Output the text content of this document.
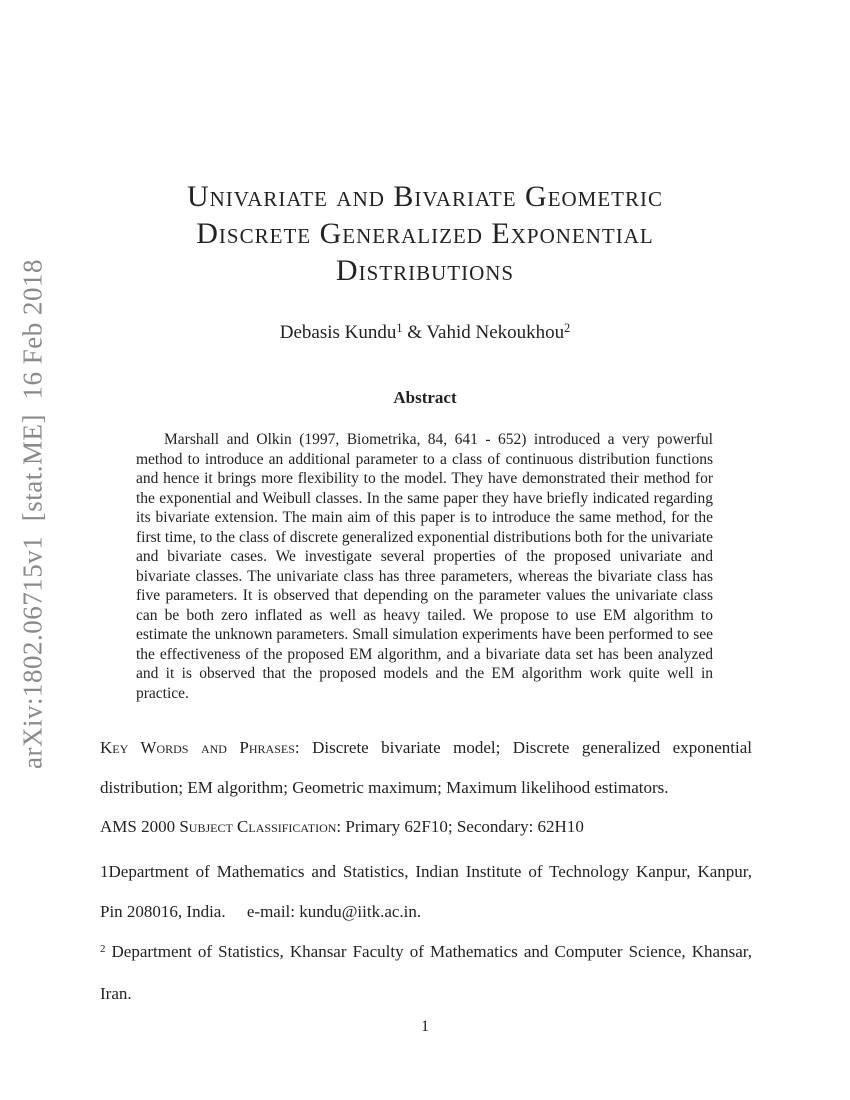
arXiv:1802.06715v1  [stat.ME]  16 Feb 2018
Univariate and Bivariate Geometric
Discrete Generalized Exponential
Distributions
Debasis Kundu$^1$ & Vahid Nekoukhou$^2$
Abstract

Marshall and Olkin (1997, Biometrika, 84, 641 - 652) introduced a very powerful method to introduce an additional parameter to a class of continuous distribution functions and hence it brings more flexibility to the model. They have demonstrated their method for the exponential and Weibull classes. In the same paper they have briefly indicated regarding its bivariate extension. The main aim of this paper is to introduce the same method, for the first time, to the class of discrete generalized exponential distributions both for the univariate and bivariate cases. We investigate several properties of the proposed univariate and bivariate classes. The univariate class has three parameters, whereas the bivariate class has five parameters. It is observed that depending on the parameter values the univariate class can be both zero inflated as well as heavy tailed. We propose to use EM algorithm to estimate the unknown parameters. Small simulation experiments have been performed to see the effectiveness of the proposed EM algorithm, and a bivariate data set has been analyzed and it is observed that the proposed models and the EM algorithm work quite well in practice.

Key Words and Phrases: Discrete bivariate model; Discrete generalized exponential distribution; EM algorithm; Geometric maximum; Maximum likelihood estimators.

AMS 2000 Subject Classification: Primary 62F10; Secondary: 62H10

1Department of Mathematics and Statistics, Indian Institute of Technology Kanpur, Kanpur, Pin 208016, India.  e-mail: kundu@iitk.ac.in.

$^2$ Department of Statistics, Khansar Faculty of Mathematics and Computer Science, Khansar, Iran.

1
